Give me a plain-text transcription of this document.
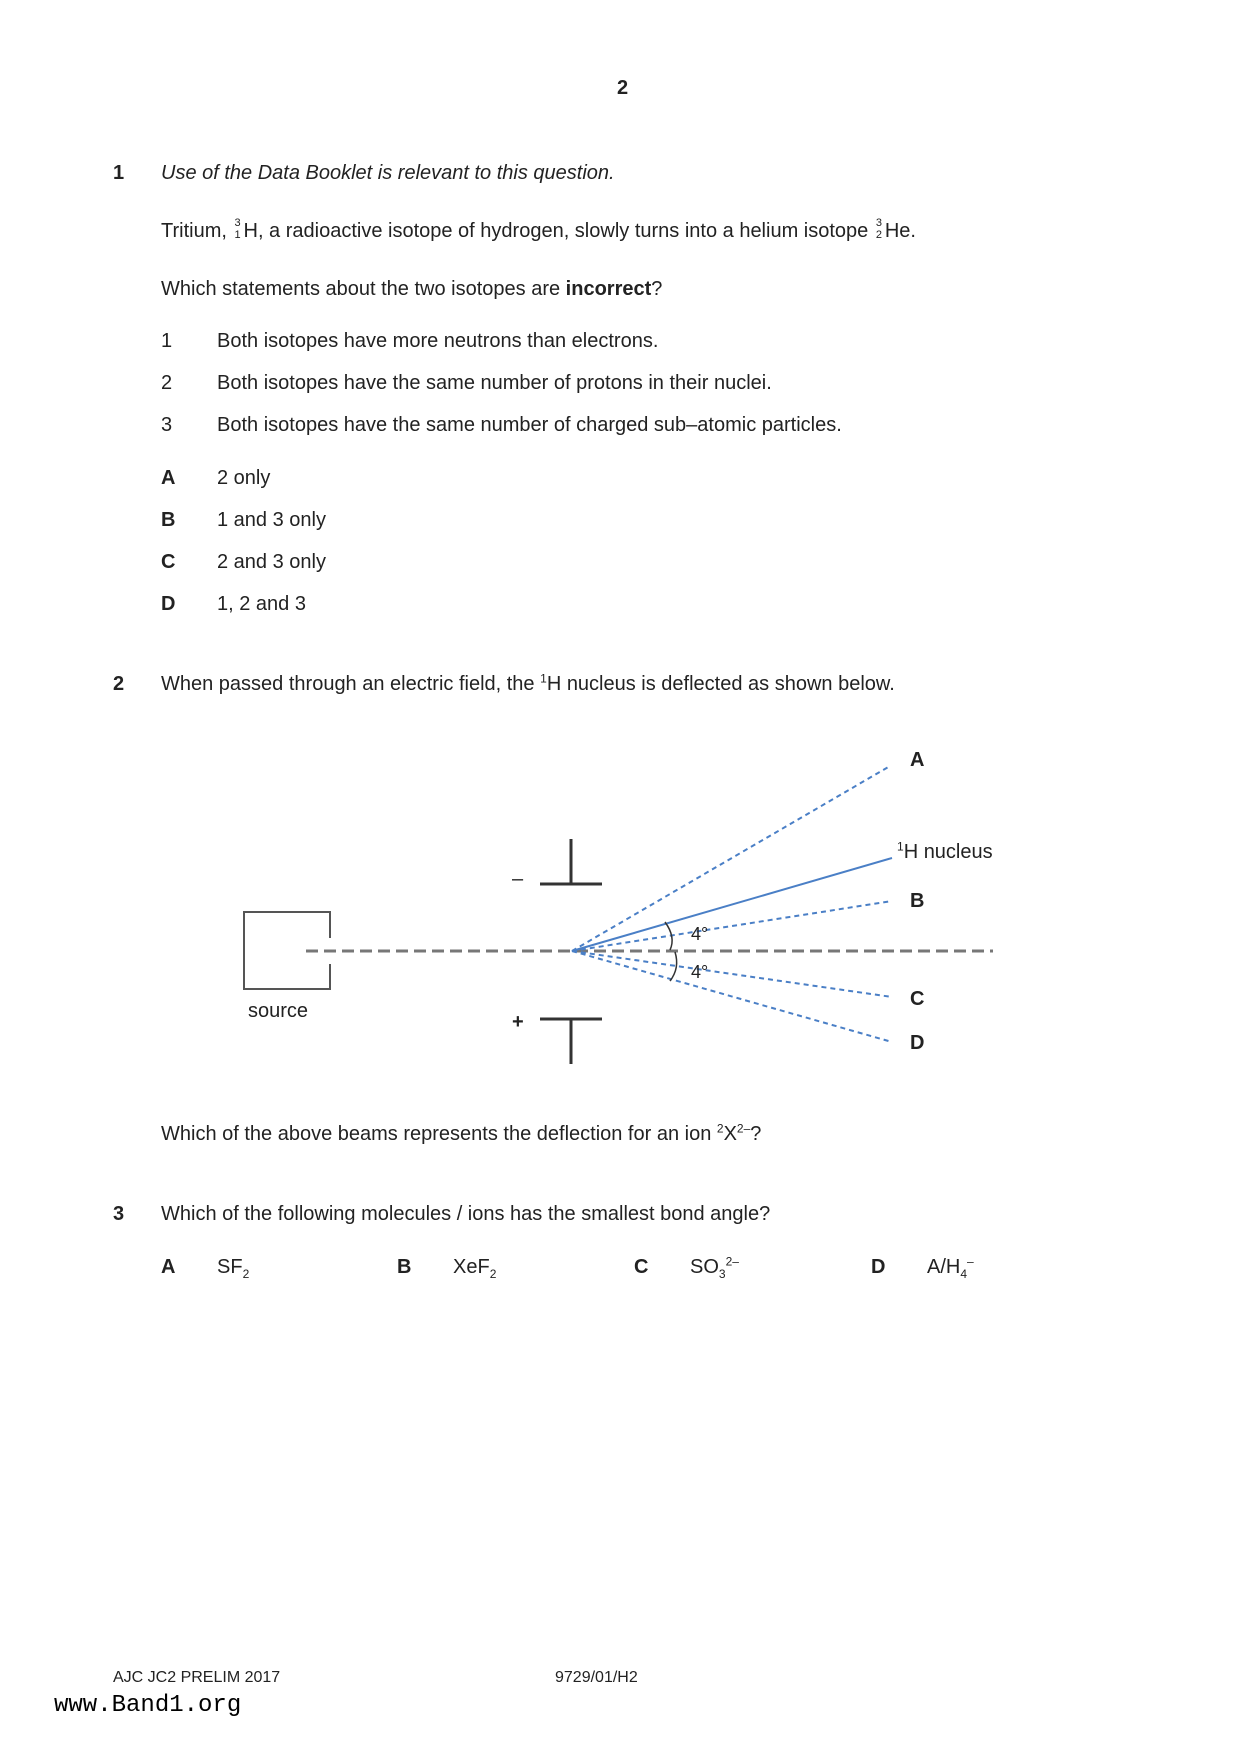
2
1 Use of the Data Booklet is relevant to this question.
Tritium, 3
1 H, a radioactive isotope of hydrogen, slowly turns into a helium isotope 3
2 He.
Which statements about the two isotopes are incorrect?
1 Both isotopes have more neutrons than electrons.
2 Both isotopes have the same number of protons in their nuclei.
3 Both isotopes have the same number of charged sub–atomic particles.
A 2 only
B 1 and 3 only
C 2 and 3 only
D 1, 2 and 3
2 When passed through an electric field, the $^1$H nucleus is deflected as shown below.
–
+
source
4°
4°
A
$^1$H nucleus
B
C
D
Which of the above beams represents the deflection for an ion $^2X^{2-}$?
3 Which of the following molecules / ions has the smallest bond angle?
A $SF_2$	B XeF$_2$	C $SO_3^{2-}$	D $A/H_4^-$
AJC JC2 PRELIM 2017	9729/01/H2
www.Band1.org
